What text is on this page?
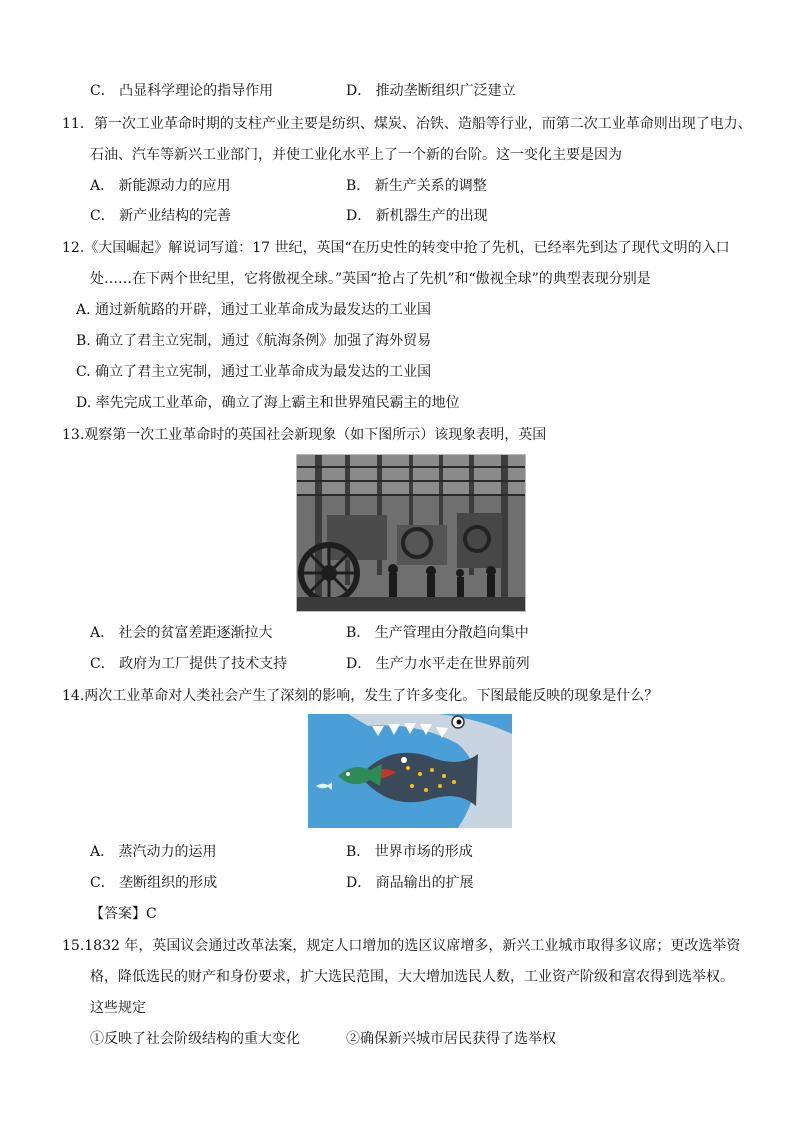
C． 凸显科学理论的指导作用	D． 推动垄断组织广泛建立
11．第一次工业革命时期的支柱产业主要是纺织、煤炭、冶铁、造船等行业，而第二次工业革命则出现了电力、
石油、汽车等新兴工业部门，并使工业化水平上了一个新的台阶。这一变化主要是因为
A． 新能源动力的应用	B． 新生产关系的调整
C． 新产业结构的完善	D． 新机器生产的出现
12.《大国崛起》解说词写道：17 世纪，英国“在历史性的转变中抢了先机，已经率先到达了现代文明的入口
处……在下两个世纪里，它将傲视全球。”英国“抢占了先机”和“傲视全球”的典型表现分别是
A. 通过新航路的开辟，通过工业革命成为最发达的工业国
B. 确立了君主立宪制，通过《航海条例》加强了海外贸易
C. 确立了君主立宪制，通过工业革命成为最发达的工业国
D. 率先完成工业革命，确立了海上霸主和世界殖民霸主的地位
13.观察第一次工业革命时的英国社会新现象（如下图所示）该现象表明，英国
A． 社会的贫富差距逐渐拉大	B． 生产管理由分散趋向集中
C． 政府为工厂提供了技术支持	D． 生产力水平走在世界前列
14.两次工业革命对人类社会产生了深刻的影响，发生了许多变化。下图最能反映的现象是什么？
A． 蒸汽动力的运用	B． 世界市场的形成
C． 垄断组织的形成	D． 商品输出的扩展
【答案】C
15.1832 年，英国议会通过改革法案，规定人口增加的选区议席增多，新兴工业城市取得多议席；更改选举资
格，降低选民的财产和身份要求，扩大选民范围，大大增加选民人数，工业资产阶级和富农得到选举权。
这些规定
①反映了社会阶级结构的重大变化	②确保新兴城市居民获得了选举权
